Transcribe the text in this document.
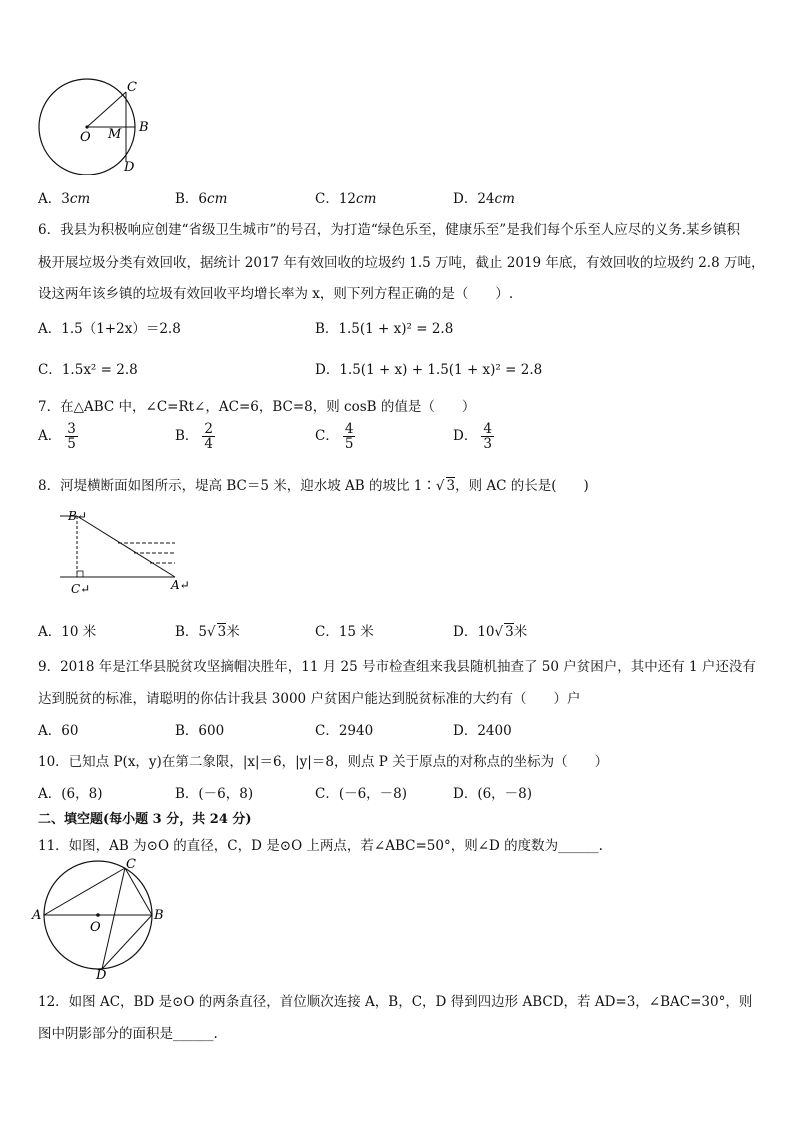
C
O M B
D
A．3cm	B．6cm	C．12cm	D．24cm
6．我县为积极响应创建“省级卫生城市”的号召，为打造“绿色乐至，健康乐至”是我们每个乐至人应尽的义务.某乡镇积
极开展垃圾分类有效回收，据统计 2017 年有效回收的垃圾约 1.5 万吨，截止 2019 年底，有效回收的垃圾约 2.8 万吨，
设这两年该乡镇的垃圾有效回收平均增长率为 x，则下列方程正确的是（　　）.
A．1.5（1+2x）＝2.8	B．1.5(1 + x)² = 2.8
C．1.5x² = 2.8	D．1.5(1 + x) + 1.5(1 + x)² = 2.8
7．在△ABC 中，∠C=Rt∠，AC=6，BC=8，则 cosB 的值是（　　）
A． $\frac{3}{5}$	B． $\frac{2}{4}$	C． $\frac{4}{5}$	D． $\frac{4}{3}$
8．河堤横断面如图所示，堤高 BC＝5 米，迎水坡 AB 的坡比 1∶√ 3，则 AC 的长是(　　)
B↵
C↵	A↵
A．10 米	B．5√ 3米	C．15 米	D．10√ 3米
9．2018 年是江华县脱贫攻坚摘帽决胜年，11 月 25 号市检查组来我县随机抽查了 50 户贫困户，其中还有 1 户还没有
达到脱贫的标准，请聪明的你估计我县 3000 户贫困户能达到脱贫标准的大约有（　　）户
A．60	B．600	C．2940	D．2400
10．已知点 P(x，y)在第二象限，|x|＝6，|y|＝8，则点 P 关于原点的对称点的坐标为（　　）
A．(6，8)	B．(－6，8)	C．(－6，－8)	D．(6，－8)
二、填空题(每小题 3 分，共 24 分)
11．如图，AB 为⊙O 的直径，C，D 是⊙O 上两点，若∠ABC=50°，则∠D 的度数为______.
C
A	B
O
D
12．如图 AC，BD 是⊙O 的两条直径，首位顺次连接 A，B，C，D 得到四边形 ABCD，若 AD=3，∠BAC=30°，则
图中阴影部分的面积是______.
